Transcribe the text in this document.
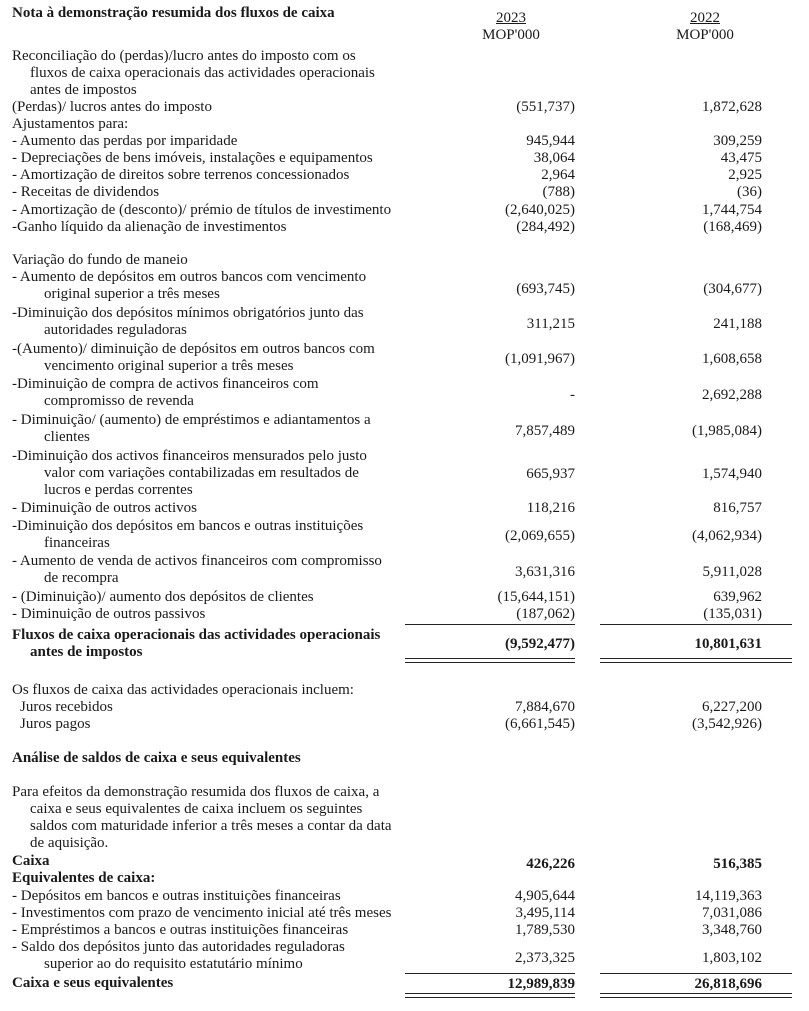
Nota à demonstração resumida dos fluxos de caixa	2023
MOP'000
2022
MOP'000
Reconciliação do (perdas)/lucro antes do imposto com os
fluxos de caixa operacionais das actividades operacionais
antes de impostos
(Perdas)/ lucros antes do imposto	(551,737)	1,872,628
Ajustamentos para:
- Aumento das perdas por imparidade	945,944	309,259
- Depreciações de bens imóveis, instalações e equipamentos	38,064	43,475
- Amortização de direitos sobre terrenos concessionados	2,964	2,925
- Receitas de dividendos	(788)	(36)
- Amortização de (desconto)/ prémio de títulos de investimento	(2,640,025)	1,744,754
-Ganho líquido da alienação de investimentos	(284,492)	(168,469)
Variação do fundo de maneio
- Aumento de depósitos em outros bancos com vencimento
original superior a três meses	(693,745)	(304,677)
-Diminuição dos depósitos mínimos obrigatórios junto das
autoridades reguladoras	311,215	241,188
-(Aumento)/ diminuição de depósitos em outros bancos com
vencimento original superior a três meses	(1,091,967)	1,608,658
-Diminuição de compra de activos financeiros com
compromisso de revenda	-	2,692,288
- Diminuição/ (aumento) de empréstimos e adiantamentos a
clientes	7,857,489	(1,985,084)
-Diminuição dos activos financeiros mensurados pelo justo
valor com variações contabilizadas em resultados de
lucros e perdas correntes
665,937	1,574,940
- Diminuição de outros activos	118,216	816,757
-Diminuição dos depósitos em bancos e outras instituições
financeiras	(2,069,655)	(4,062,934)
- Aumento de venda de activos financeiros com compromisso
de recompra	3,631,316	5,911,028
- (Diminuição)/ aumento dos depósitos de clientes	(15,644,151)	639,962
- Diminuição de outros passivos	(187,062)	(135,031)
Fluxos de caixa operacionais das actividades operacionais
antes de impostos	(9,592,477)	10,801,631
Os fluxos de caixa das actividades operacionais incluem:
Juros recebidos	7,884,670	6,227,200
Juros pagos	(6,661,545)	(3,542,926)
Análise de saldos de caixa e seus equivalentes
Para efeitos da demonstração resumida dos fluxos de caixa, a
caixa e seus equivalentes de caixa incluem os seguintes
saldos com maturidade inferior a três meses a contar da data
de aquisição.
Caixa	426,226	516,385
Equivalentes de caixa:
- Depósitos em bancos e outras instituições financeiras	4,905,644	14,119,363
- Investimentos com prazo de vencimento inicial até três meses	3,495,114	7,031,086
- Empréstimos a bancos e outras instituições financeiras	1,789,530	3,348,760
- Saldo dos depósitos junto das autoridades reguladoras
superior ao do requisito estatutário mínimo	2,373,325	1,803,102
Caixa e seus equivalentes	12,989,839	26,818,696
